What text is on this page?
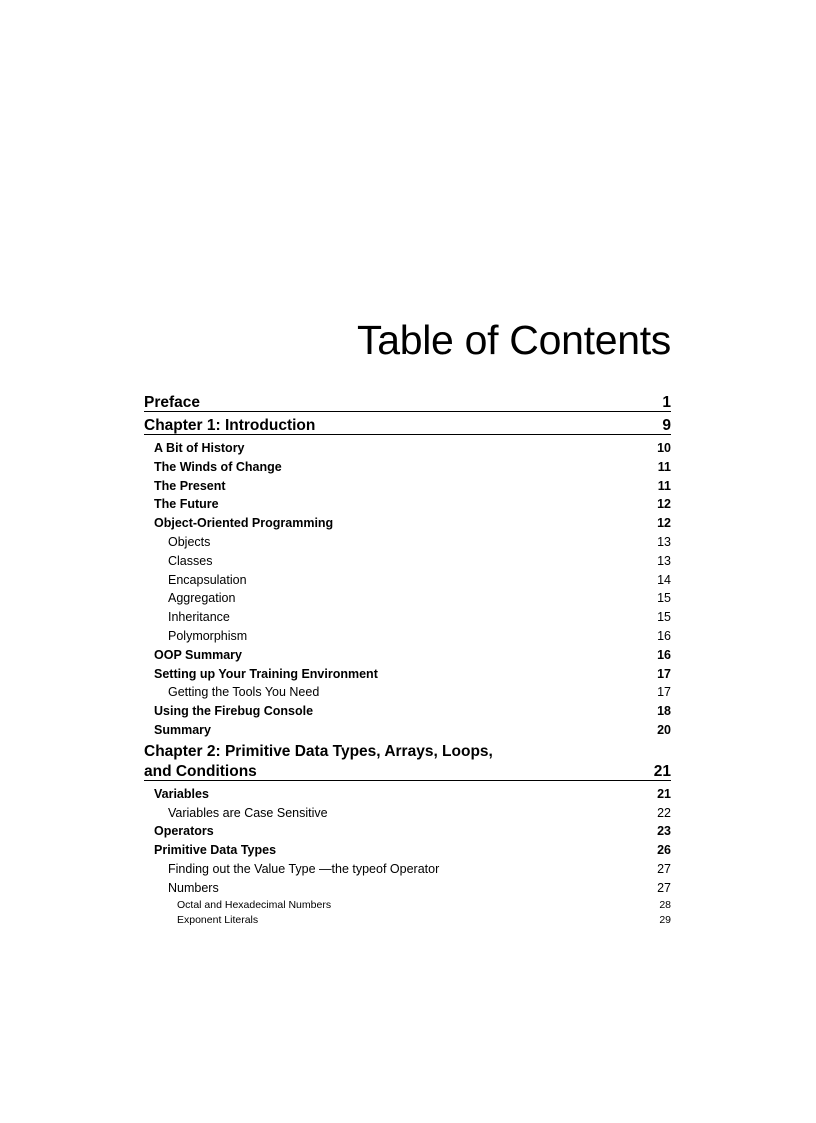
Table of Contents
Preface	1
Chapter 1: Introduction	9
A Bit of History	10
The Winds of Change	11
The Present	11
The Future	12
Object-Oriented Programming	12
Objects	13
Classes	13
Encapsulation	14
Aggregation	15
Inheritance	15
Polymorphism	16
OOP Summary	16
Setting up Your Training Environment	17
Getting the Tools You Need	17
Using the Firebug Console	18
Summary	20
Chapter 2: Primitive Data Types, Arrays, Loops,
and Conditions	21
Variables	21
Variables are Case Sensitive	22
Operators	23
Primitive Data Types	26
Finding out the Value Type —the typeof Operator	27
Numbers	27
Octal and Hexadecimal Numbers	28
Exponent Literals	29
